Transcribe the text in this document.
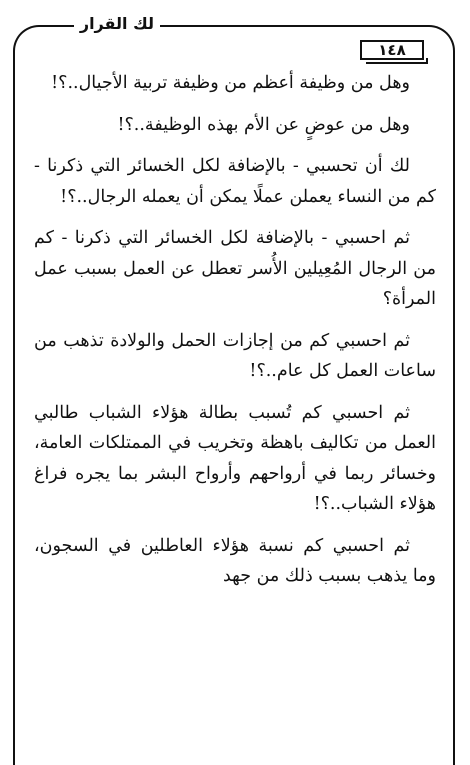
لك القرار
١٤٨

وهل من وظيفة أعظم من وظيفة تربية الأجيال..؟!

وهل من عوضٍ عن الأم بهذه الوظيفة..؟!

لك أن تحسبي - بالإضافة لكل الخسائر التي ذكرنا - كم من النساء يعملن عملًا يمكن أن يعمله الرجال..؟!

ثم احسبي - بالإضافة لكل الخسائر التي ذكرنا - كم من الرجال المُعِيلين الأُسر تعطل عن العمل بسبب عمل المرأة؟

ثم احسبي كم من إجازات الحمل والولادة تذهب من ساعات العمل كل عام..؟!

ثم احسبي كم تُسبب بطالة هؤلاء الشباب طالبي العمل من تكاليف باهظة وتخريب في الممتلكات العامة، وخسائر ربما في أرواحهم وأرواح البشر بما يجره فراغ هؤلاء الشباب..؟!

ثم احسبي كم نسبة هؤلاء العاطلين في السجون، وما يذهب بسبب ذلك من جهد
